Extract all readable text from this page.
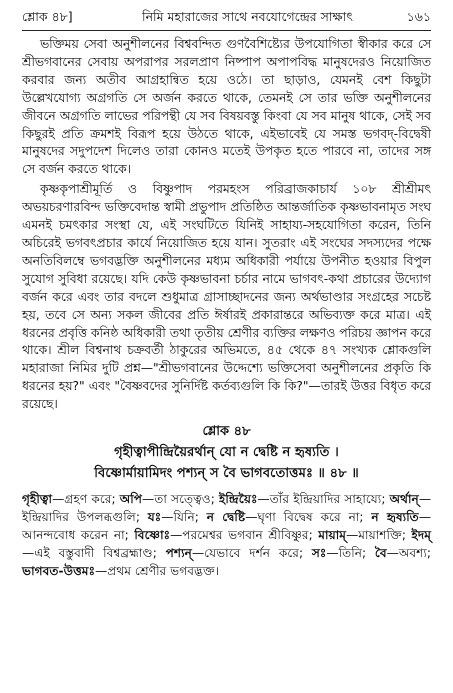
শ্লোক ৪৮]	নিমি মহারাজের সাথে নবযোগেন্দ্রের সাক্ষাৎ	১৬১

ভক্তিময় সেবা অনুশীলনের বিশ্ববন্দিত গুণবৈশিষ্ট্যের উপযোগিতা স্বীকার করে সে শ্রীভগবানের সেবায় অপরাপর সরলপ্রাণ নিষ্পাপ অপাপবিদ্ধ মানুষদেরও নিয়োজিত করবার জন্য অতীব আগ্রহান্বিত হয়ে ওঠে। তা ছাড়াও, যেমনই বেশ কিছুটা উল্লেখযোগ্য অগ্রগতি সে অর্জন করতে থাকে, তেমনই সে তার ভক্তি অনুশীলনের জীবনে অগ্রগতি লাভের পরিপন্থী যে সব বিষয়বস্তু কিংবা যে সব মানুষ থাকে, সেই সব কিছুরই প্রতি ক্রমশই বিরূপ হয়ে উঠতে থাকে, এইভাবেই যে সমস্ত ভগবদ্-বিদ্বেষী মানুষদের সদুপদেশ দিলেও তারা কোনও মতেই উপকৃত হতে পারবে না, তাদের সঙ্গ সে বর্জন করতে থাকে।

কৃষ্ণকৃপাশ্রীমূর্তি ও বিষ্ণুপাদ পরমহংস পরিব্রাজকাচার্য ১০৮ শ্রীশ্রীমৎ অভয়চরণারবিন্দ ভক্তিবেদান্ত স্বামী প্রভুপাদ প্রতিষ্ঠিত আন্তর্জাতিক কৃষ্ণভাবনামৃত সংঘ এমনই চমৎকার সংস্থা যে, এই সংঘটিতে যিনিই সাহায্য-সহযোগিতা করেন, তিনি অচিরেই ভগবৎপ্রচার কার্যে নিয়োজিত হয়ে যান। সুতরাং এই সংঘের সদস্যদের পক্ষে অনতিবিলম্বে ভগবদ্ভক্তি অনুশীলনের মধ্যম অধিকারী পর্যায়ে উপনীত হওয়ার বিপুল সুযোগ সুবিধা রয়েছে। যদি কেউ কৃষ্ণভাবনা চর্চার নামে ভাগবৎ-কথা প্রচারের উদ্যোগ বর্জন করে এবং তার বদলে শুধুমাত্র গ্রাসাচ্ছাদনের জন্য অর্থভাণ্ডার সংগ্রহের সচেষ্ট হয়, তবে সে অন্য সকল জীবের প্রতি ঈর্ষারই প্রকারান্তরে অভিব্যক্ত করে মাত্র। এই ধরনের প্রবৃত্তি কনিষ্ঠ অধিকারী তথা তৃতীয় শ্রেণীর ব্যক্তির লক্ষণও পরিচয় জ্ঞাপন করে থাকে। শ্রীল বিশ্বনাথ চক্রবর্তী ঠাকুরের অভিমতে, ৪৫ থেকে ৪৭ সংখ্যক শ্লোকগুলি মহারাজা নিমির দুটি প্রশ্ন—"শ্রীভগবানের উদ্দেশ্যে ভক্তিসেবা অনুশীলনের প্রকৃতি কি ধরনের হয়?" এবং "বৈষ্ণবদের সুনির্দিষ্ট কর্তব্যগুলি কি কি?"—তারই উত্তর বিধৃত করে রয়েছে।

শ্লোক ৪৮
গৃহীত্বাপীন্দ্রিয়ৈরর্থান্ যো ন দ্বেষ্টি ন হৃষ্যতি ।
বিষ্ণোর্মায়ামিদং পশ্যন্ স বৈ ভাগবতোত্তমঃ ॥ ৪৮ ॥
গৃহীত্বা—গ্রহণ করে; অপি—তা সত্ত্বেও; ইন্দ্রিয়ৈঃ—তাঁর ইন্দ্রিয়াদির সাহায্যে; অর্থান্—ইন্দ্রিয়াদির উপলব্ধগুলি; যঃ—যিনি; ন দ্বেষ্টি—ঘৃণা বিদ্বেষ করে না; ন হৃষ্যতি—আনন্দবোধ করেন না; বিষ্ণোঃ—পরমেশ্বর ভগবান শ্রীবিষ্ণুর; মায়াম্—মায়াশক্তি; ইদম্—এই বস্তুবাদী বিশ্বব্রহ্মাণ্ড; পশ্যন্—যেভাবে দর্শন করে; সঃ—তিনি; বৈ—অবশ্য; ভাগবত-উত্তমঃ—প্রথম শ্রেণীর ভগবদ্ভক্ত।
